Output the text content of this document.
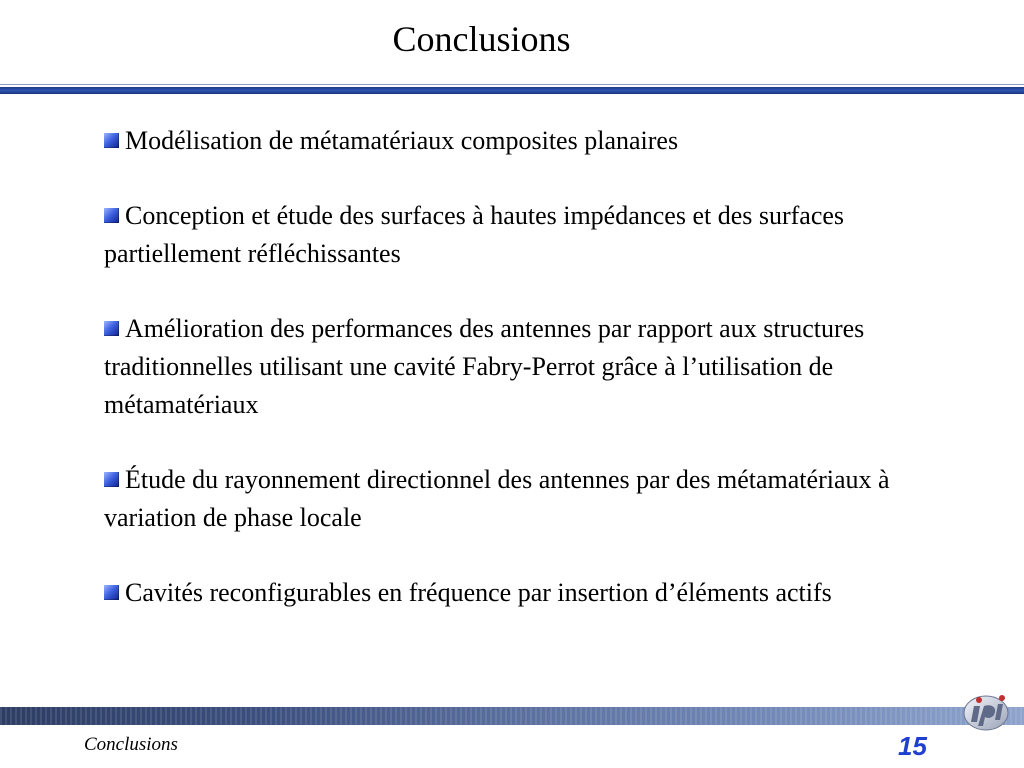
Conclusions
Modélisation de métamatériaux composites planaires
Conception et étude des surfaces à hautes impédances et des surfaces partiellement réfléchissantes
Amélioration des performances des antennes par rapport aux structures traditionnelles utilisant une cavité Fabry-Perrot grâce à l’utilisation de métamatériaux
Étude du rayonnement directionnel des antennes par des métamatériaux à variation de phase locale
Cavités reconfigurables en fréquence par insertion d’éléments actifs
Conclusions	15
